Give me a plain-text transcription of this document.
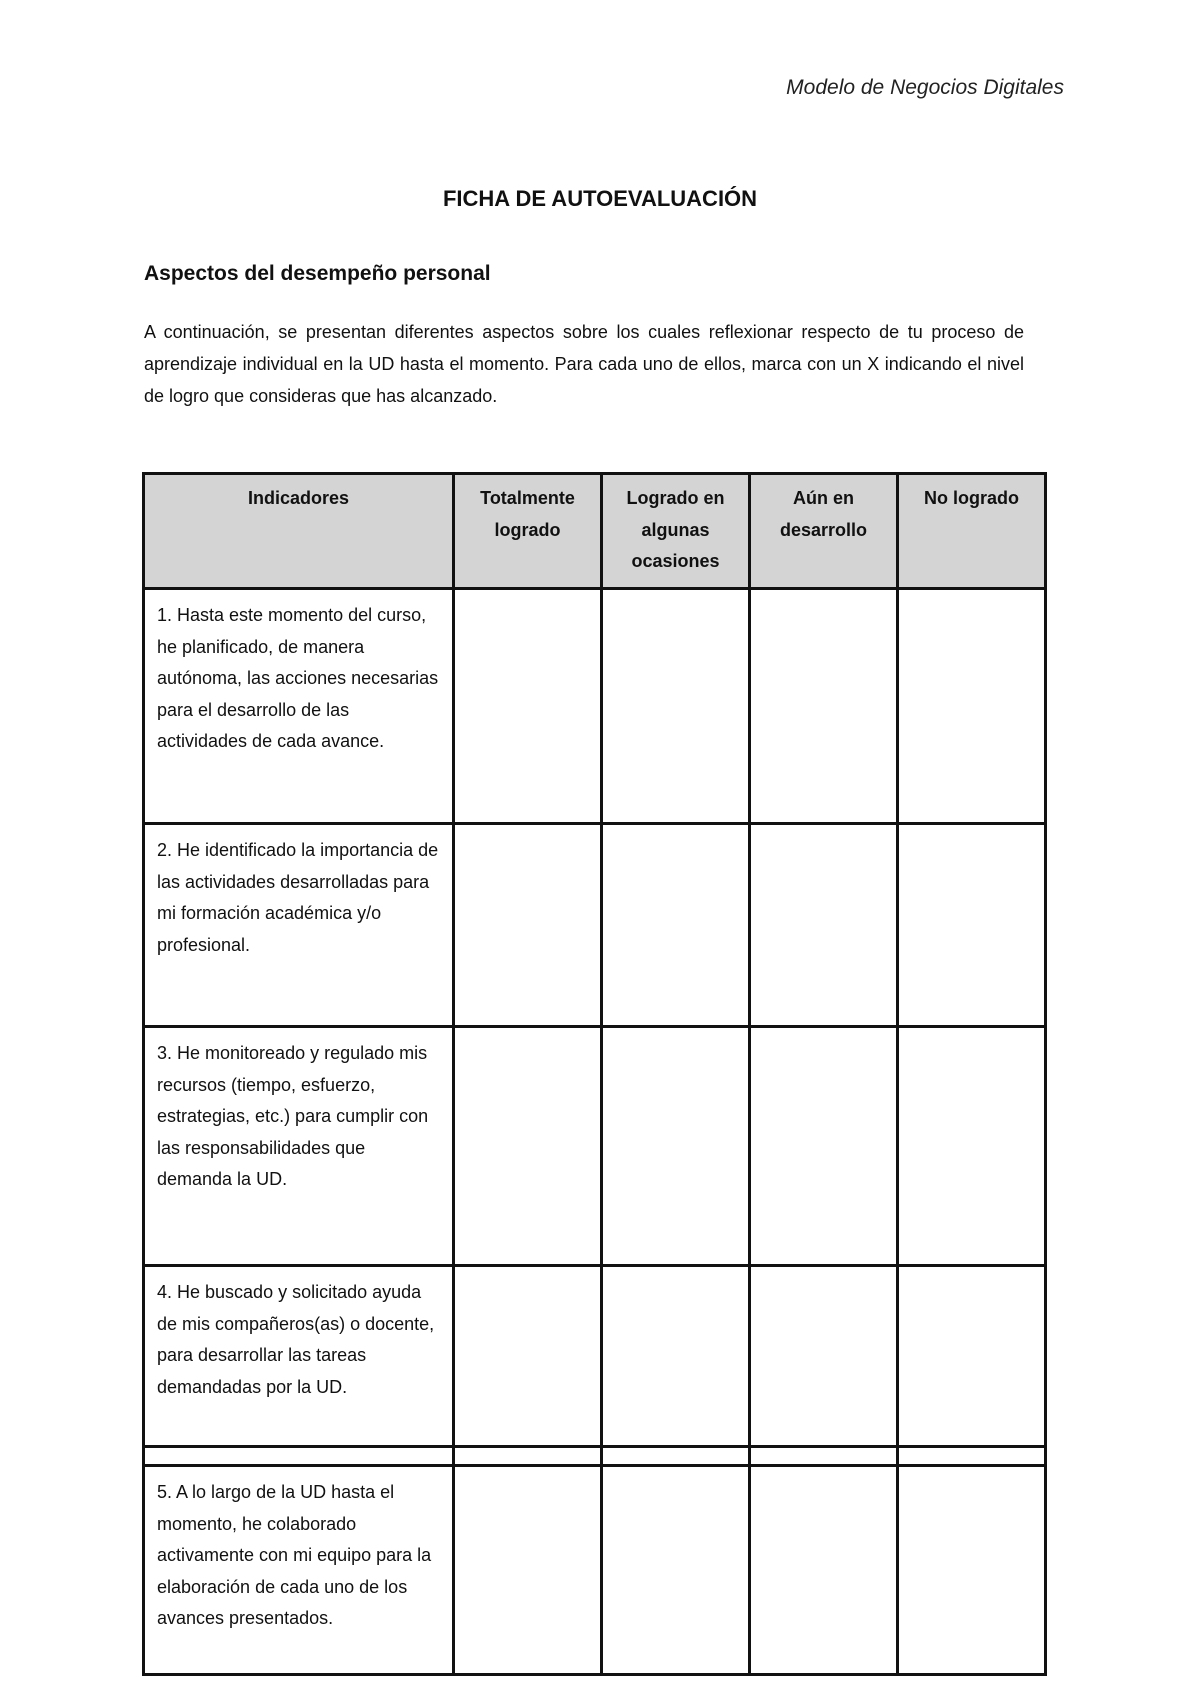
Modelo de Negocios Digitales
FICHA DE AUTOEVALUACIÓN
Aspectos del desempeño personal
A continuación, se presentan diferentes aspectos sobre los cuales reflexionar respecto de tu proceso de aprendizaje individual en la UD hasta el momento. Para cada uno de ellos, marca con un X indicando el nivel de logro que consideras que has alcanzado.
Indicadores	Totalmente logrado	Logrado en algunas ocasiones	Aún en desarrollo	No logrado
1. Hasta este momento del curso, he planificado, de manera autónoma, las acciones necesarias para el desarrollo de las actividades de cada avance.				
2. He identificado la importancia de las actividades desarrolladas para mi formación académica y/o profesional.				
3. He monitoreado y regulado mis recursos (tiempo, esfuerzo, estrategias, etc.) para cumplir con las responsabilidades que demanda la UD.				
4. He buscado y solicitado ayuda de mis compañeros(as) o docente, para desarrollar las tareas demandadas por la UD.				

5. A lo largo de la UD hasta el momento, he colaborado activamente con mi equipo para la elaboración de cada uno de los avances presentados.				
